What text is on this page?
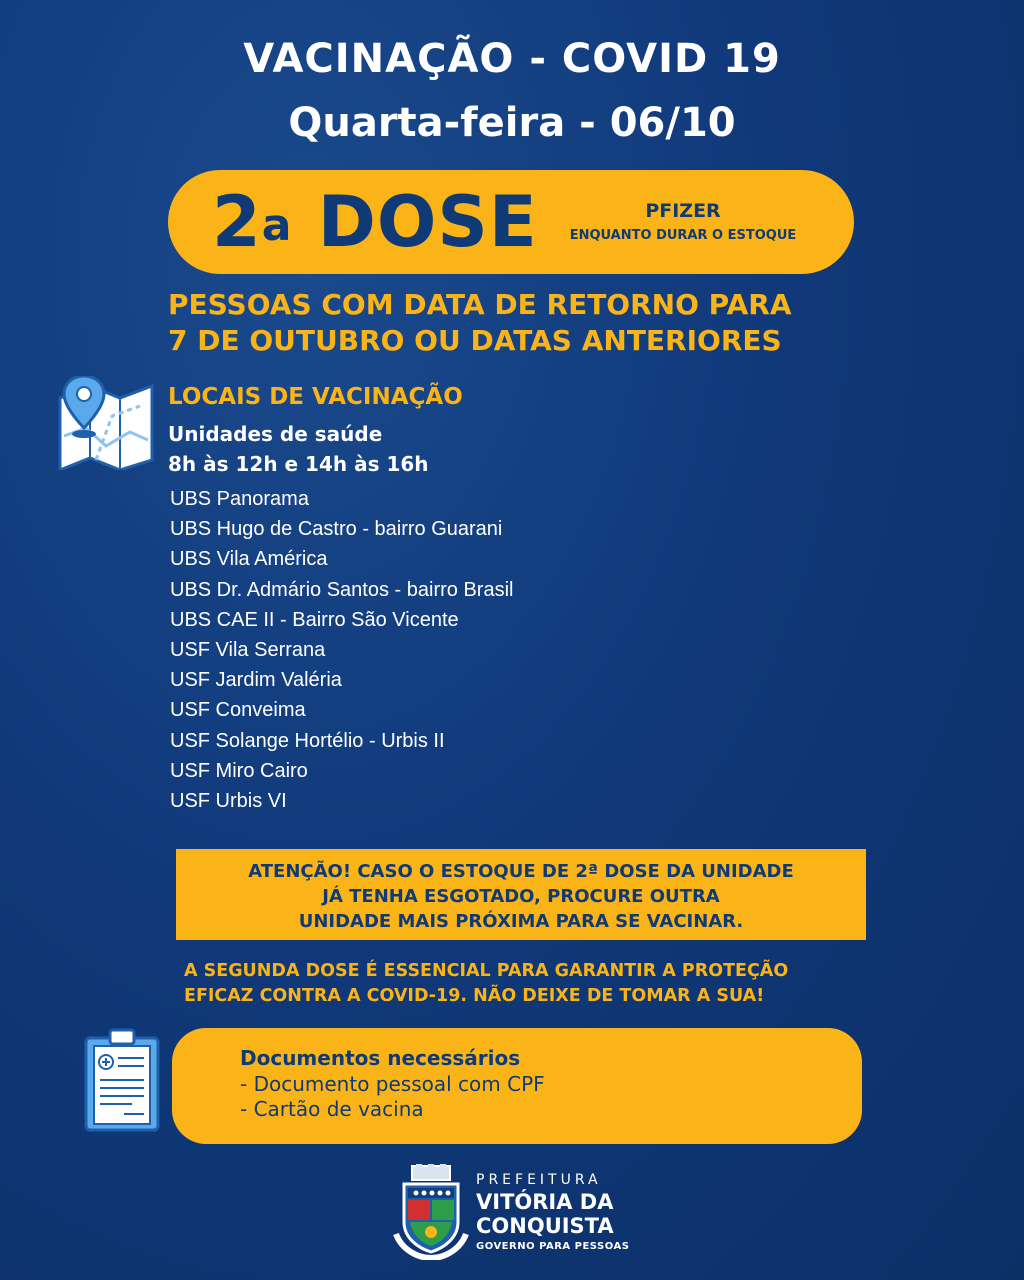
VACINAÇÃO - COVID 19
Quarta-feira - 06/10
2$^a$ DOSE	PFIZER
ENQUANTO DURAR O ESTOQUE
PESSOAS COM DATA DE RETORNO PARA
7 DE OUTUBRO OU DATAS ANTERIORES
LOCAIS DE VACINAÇÃO
Unidades de saúde
8h às 12h e 14h às 16h
UBS Panorama
UBS Hugo de Castro - bairro Guarani
UBS Vila América
UBS Dr. Admário Santos - bairro Brasil
UBS CAE II - Bairro São Vicente
USF Vila Serrana
USF Jardim Valéria
USF Conveima
USF Solange Hortélio - Urbis II
USF Miro Cairo
USF Urbis VI
ATENÇÃO! CASO O ESTOQUE DE 2ª DOSE DA UNIDADE
JÁ TENHA ESGOTADO, PROCURE OUTRA
UNIDADE MAIS PRÓXIMA PARA SE VACINAR.
A SEGUNDA DOSE É ESSENCIAL PARA GARANTIR A PROTEÇÃO
EFICAZ CONTRA A COVID-19. NÃO DEIXE DE TOMAR A SUA!
Documentos necessários
- Documento pessoal com CPF
- Cartão de vacina
PREFEITURA
VITÓRIA DA
CONQUISTA
GOVERNO PARA PESSOAS
